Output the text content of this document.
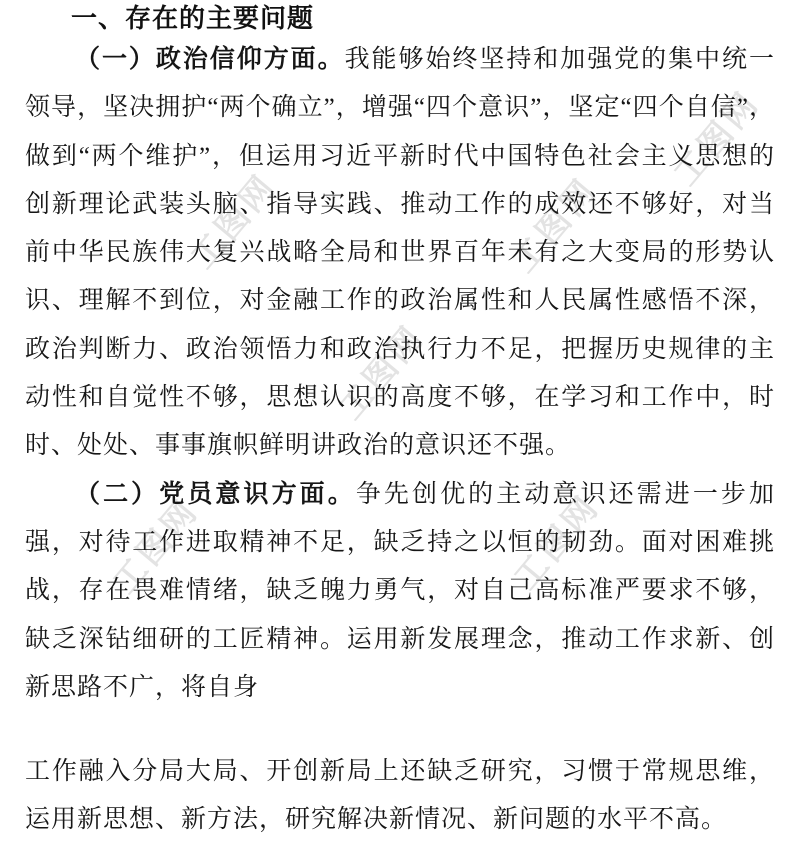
工图网	工图网
工图网
工图网	工图网
工图网
一、存在的主要问题

（一）政治信仰方面。我能够始终坚持和加强党的集中统一领导，坚决拥护“两个确立”，增强“四个意识”，坚定“四个自信”，做到“两个维护”，但运用习近平新时代中国特色社会主义思想的创新理论武装头脑、指导实践、推动工作的成效还不够好，对当前中华民族伟大复兴战略全局和世界百年未有之大变局的形势认识、理解不到位，对金融工作的政治属性和人民属性感悟不深，政治判断力、政治领悟力和政治执行力不足，把握历史规律的主动性和自觉性不够，思想认识的高度不够，在学习和工作中，时时、处处、事事旗帜鲜明讲政治的意识还不强。

（二）党员意识方面。争先创优的主动意识还需进一步加强，对待工作进取精神不足，缺乏持之以恒的韧劲。面对困难挑战，存在畏难情绪，缺乏魄力勇气，对自己高标准严要求不够，缺乏深钻细研的工匠精神。运用新发展理念，推动工作求新、创新思路不广，将自身

工作融入分局大局、开创新局上还缺乏研究，习惯于常规思维，运用新思想、新方法，研究解决新情况、新问题的水平不高。
